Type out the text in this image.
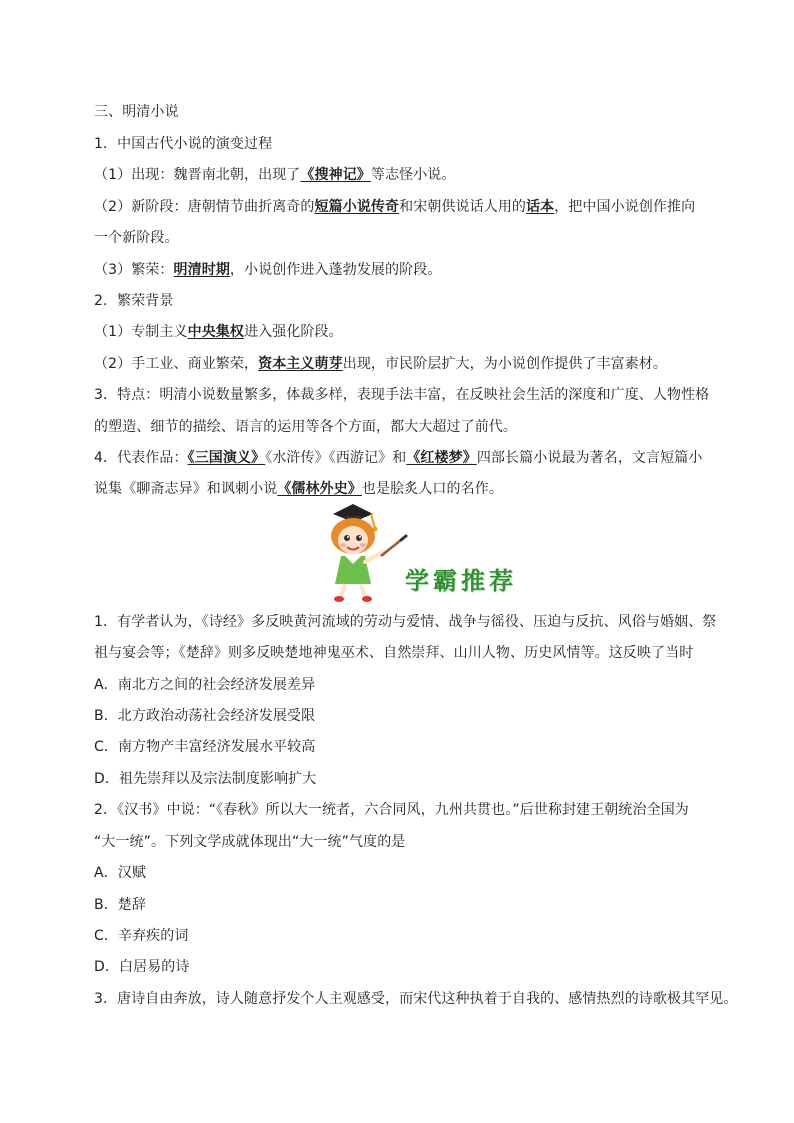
三、明清小说
1．中国古代小说的演变过程
（1）出现：魏晋南北朝，出现了《搜神记》等志怪小说。
（2）新阶段：唐朝情节曲折离奇的短篇小说传奇和宋朝供说话人用的话本，把中国小说创作推向
一个新阶段。
（3）繁荣：明清时期，小说创作进入蓬勃发展的阶段。
2．繁荣背景
（1）专制主义中央集权进入强化阶段。
（2）手工业、商业繁荣，资本主义萌芽出现，市民阶层扩大，为小说创作提供了丰富素材。
3．特点：明清小说数量繁多，体裁多样，表现手法丰富，在反映社会生活的深度和广度、人物性格
的塑造、细节的描绘、语言的运用等各个方面，都大大超过了前代。
4．代表作品：《三国演义》《水浒传》《西游记》和《红楼梦》四部长篇小说最为著名，文言短篇小
说集《聊斋志异》和讽刺小说《儒林外史》也是脍炙人口的名作。
学霸推荐
1．有学者认为，《诗经》多反映黄河流域的劳动与爱情、战争与徭役、压迫与反抗、风俗与婚姻、祭
祖与宴会等；《楚辞》则多反映楚地神鬼巫术、自然崇拜、山川人物、历史风情等。这反映了当时
A．南北方之间的社会经济发展差异
B．北方政治动荡社会经济发展受限
C．南方物产丰富经济发展水平较高
D．祖先崇拜以及宗法制度影响扩大
2．《汉书》中说：“《春秋》所以大一统者，六合同风，九州共贯也。”后世称封建王朝统治全国为
“大一统”。下列文学成就体现出“大一统”气度的是
A．汉赋
B．楚辞
C．辛弃疾的词
D．白居易的诗
3．唐诗自由奔放，诗人随意抒发个人主观感受，而宋代这种执着于自我的、感情热烈的诗歌极其罕见。
